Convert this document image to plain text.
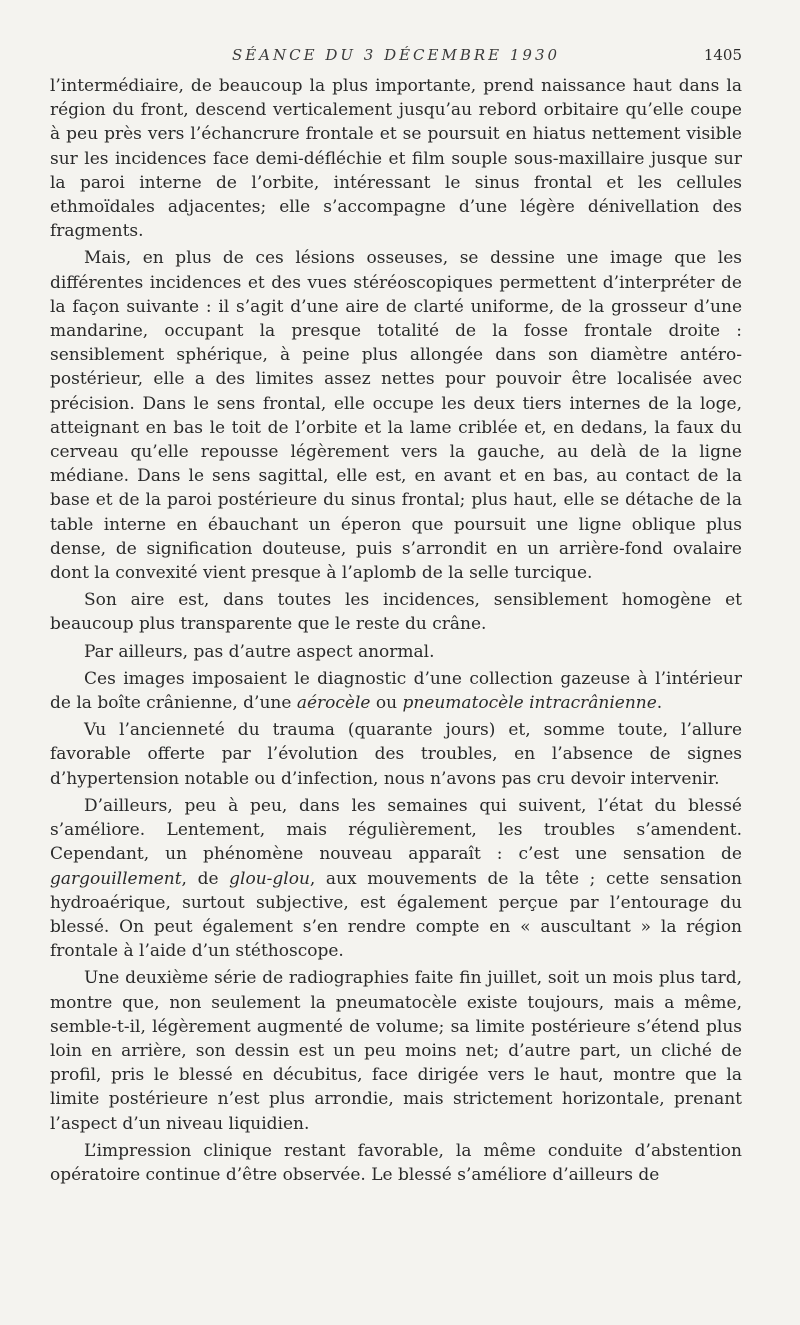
SÉANCE DU 3 DÉCEMBRE 1930	1405

l’intermédiaire, de beaucoup la plus importante, prend naissance haut dans la région du front, descend verticalement jusqu’au rebord orbitaire qu’elle coupe à peu près vers l’échancrure frontale et se poursuit en hiatus nettement visible sur les incidences face demi-défléchie et film souple sous-maxillaire jusque sur la paroi interne de l’orbite, intéressant le sinus frontal et les cellules ethmoïdales adjacentes; elle s’accompagne d’une légère dénivellation des fragments.

Mais, en plus de ces lésions osseuses, se dessine une image que les différentes incidences et des vues stéréoscopiques permettent d’interpréter de la façon suivante : il s’agit d’une aire de clarté uniforme, de la grosseur d’une mandarine, occupant la presque totalité de la fosse frontale droite : sensiblement sphérique, à peine plus allongée dans son diamètre antéro-postérieur, elle a des limites assez nettes pour pouvoir être localisée avec précision. Dans le sens frontal, elle occupe les deux tiers internes de la loge, atteignant en bas le toit de l’orbite et la lame criblée et, en dedans, la faux du cerveau qu’elle repousse légèrement vers la gauche, au delà de la ligne médiane. Dans le sens sagittal, elle est, en avant et en bas, au contact de la base et de la paroi postérieure du sinus frontal; plus haut, elle se détache de la table interne en ébauchant un éperon que poursuit une ligne oblique plus dense, de signification douteuse, puis s’arrondit en un arrière-fond ovalaire dont la convexité vient presque à l’aplomb de la selle turcique.

Son aire est, dans toutes les incidences, sensiblement homogène et beaucoup plus transparente que le reste du crâne.

Par ailleurs, pas d’autre aspect anormal.

Ces images imposaient le diagnostic d’une collection gazeuse à l’intérieur de la boîte crânienne, d’une aérocèle ou pneumatocèle intracrânienne.

Vu l’ancienneté du trauma (quarante jours) et, somme toute, l’allure favorable offerte par l’évolution des troubles, en l’absence de signes d’hypertension notable ou d’infection, nous n’avons pas cru devoir intervenir.

D’ailleurs, peu à peu, dans les semaines qui suivent, l’état du blessé s’améliore. Lentement, mais régulièrement, les troubles s’amendent. Cependant, un phénomène nouveau apparaît : c’est une sensation de gargouillement, de glou-glou, aux mouvements de la tête ; cette sensation hydroaérique, surtout subjective, est également perçue par l’entourage du blessé. On peut également s’en rendre compte en « auscultant » la région frontale à l’aide d’un stéthoscope.

Une deuxième série de radiographies faite fin juillet, soit un mois plus tard, montre que, non seulement la pneumatocèle existe toujours, mais a même, semble-t-il, légèrement augmenté de volume; sa limite postérieure s’étend plus loin en arrière, son dessin est un peu moins net; d’autre part, un cliché de profil, pris le blessé en décubitus, face dirigée vers le haut, montre que la limite postérieure n’est plus arrondie, mais strictement horizontale, prenant l’aspect d’un niveau liquidien.

L’impression clinique restant favorable, la même conduite d’abstention opératoire continue d’être observée. Le blessé s’améliore d’ailleurs de
